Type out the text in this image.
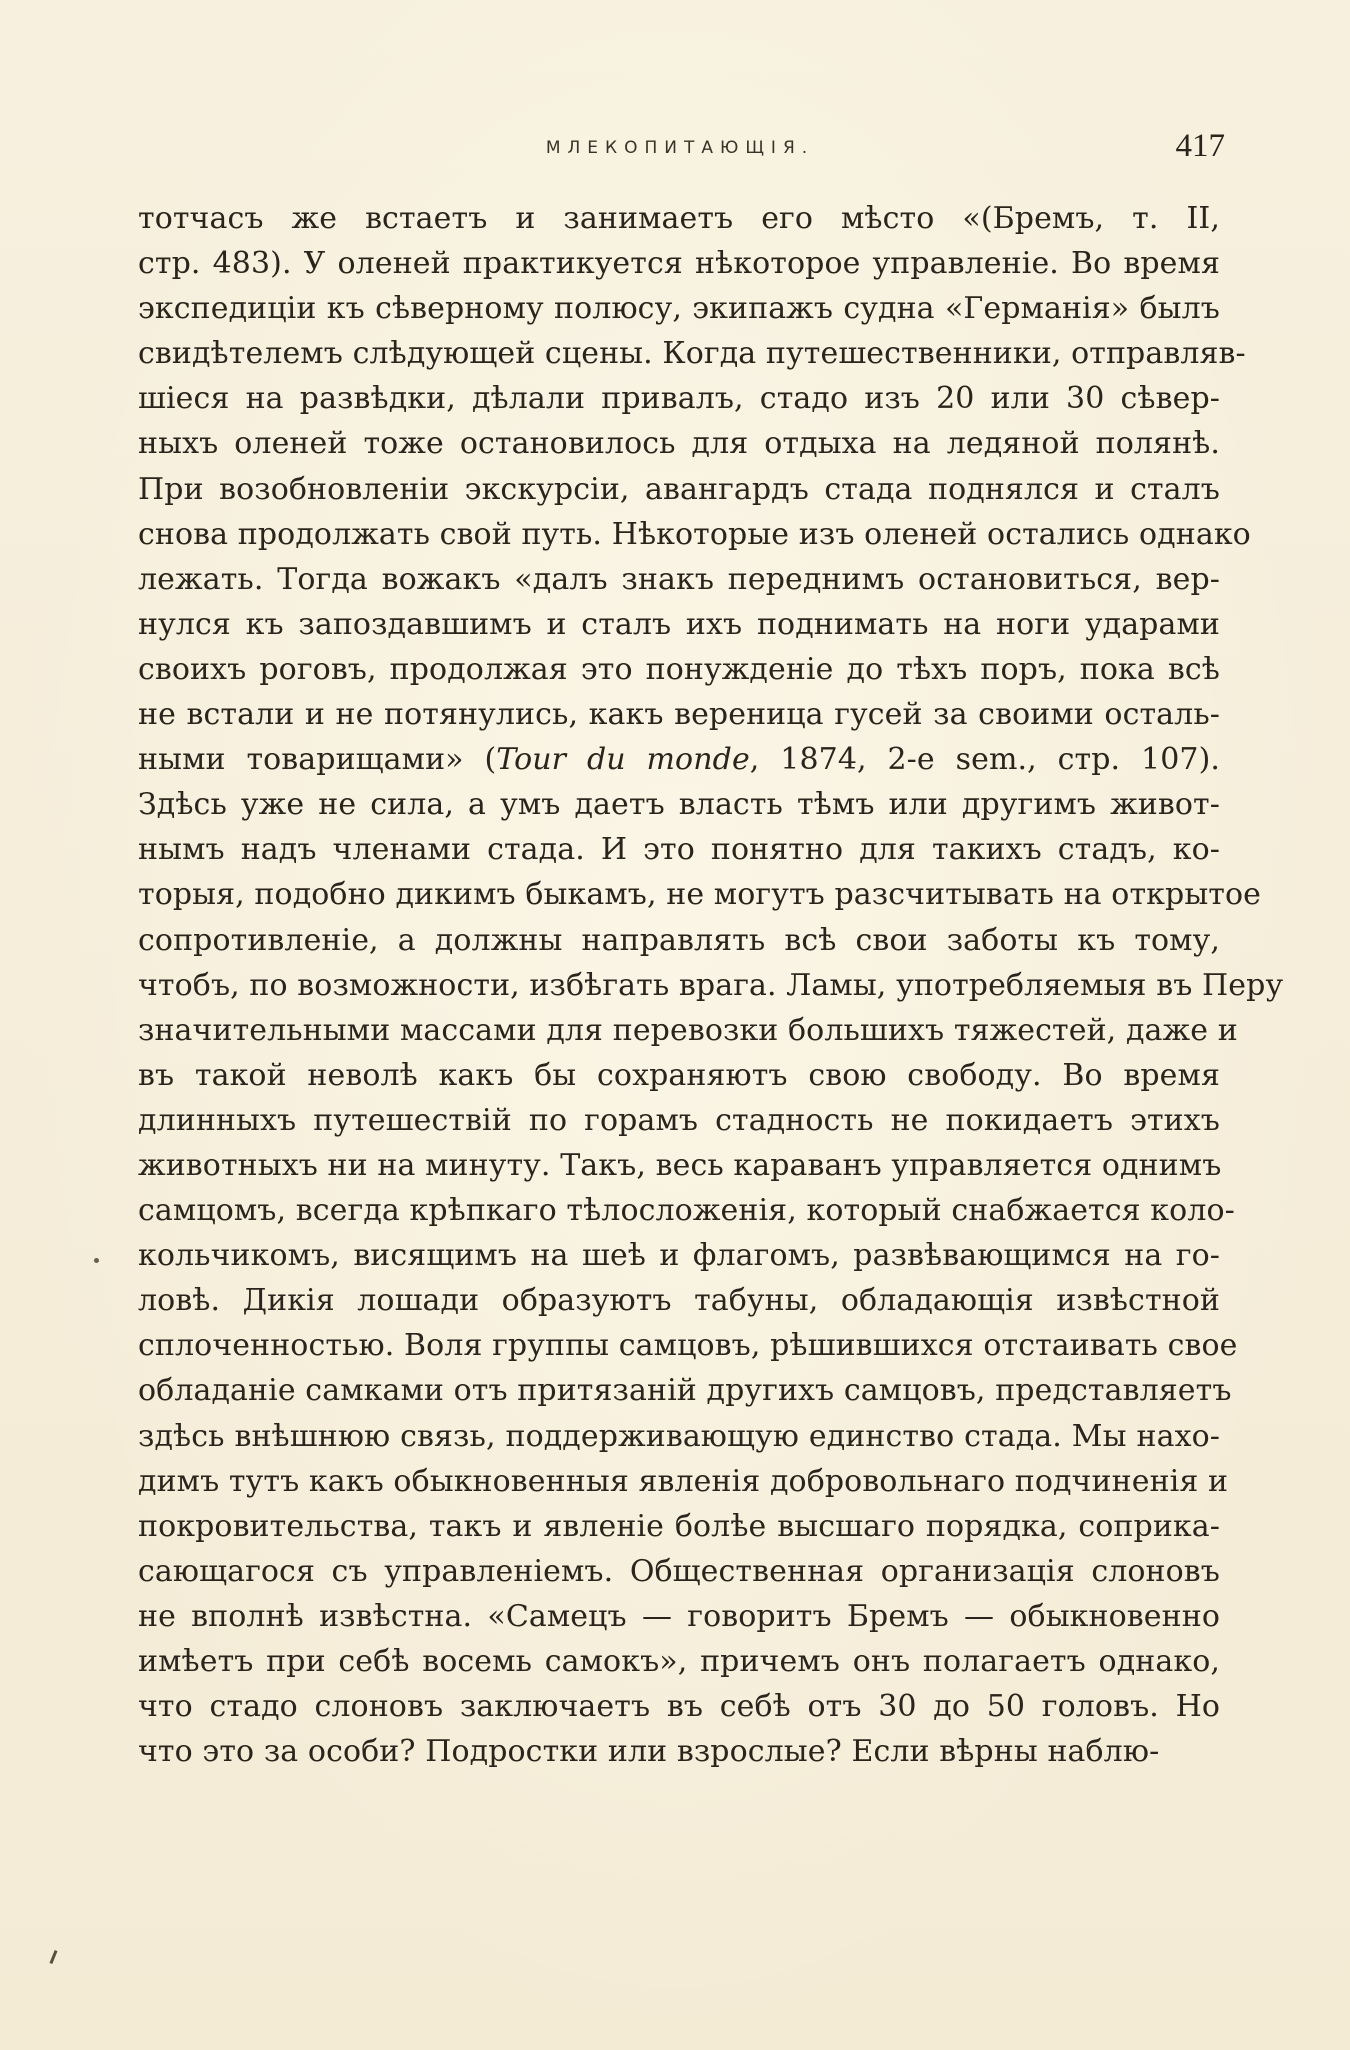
МЛЕКОПИТАЮЩІЯ.	417
тотчасъ же встаетъ и занимаетъ его мѣсто «(Бремъ, т. II,
стр. 483). У оленей практикуется нѣкоторое управленіе. Во время
экспедиціи къ сѣверному полюсу, экипажъ судна «Германія» былъ
свидѣтелемъ слѣдующей сцены. Когда путешественники, отправляв-
шіеся на развѣдки, дѣлали привалъ, стадо изъ 20 или 30 сѣвер-
ныхъ оленей тоже остановилось для отдыха на ледяной полянѣ.
При возобновленіи экскурсіи, авангардъ стада поднялся и сталъ
снова продолжать свой путь. Нѣкоторые изъ оленей остались однако
лежать. Тогда вожакъ «далъ знакъ переднимъ остановиться, вер-
нулся къ запоздавшимъ и сталъ ихъ поднимать на ноги ударами
своихъ роговъ, продолжая это понужденіе до тѣхъ поръ, пока всѣ
не встали и не потянулись, какъ вереница гусей за своими осталь-
ными товарищами» (Tour du monde, 1874, 2-e sem., стр. 107).
Здѣсь уже не сила, а умъ даетъ власть тѣмъ или другимъ живот-
нымъ надъ членами стада. И это понятно для такихъ стадъ, ко-
торыя, подобно дикимъ быкамъ, не могутъ разсчитывать на открытое
сопротивленіе, а должны направлять всѣ свои заботы къ тому,
чтобъ, по возможности, избѣгать врага. Ламы, употребляемыя въ Перу
значительными массами для перевозки большихъ тяжестей, даже и
въ такой неволѣ какъ бы сохраняютъ свою свободу. Во время
длинныхъ путешествій по горамъ стадность не покидаетъ этихъ
животныхъ ни на минуту. Такъ, весь караванъ управляется однимъ
самцомъ, всегда крѣпкаго тѣлосложенія, который снабжается коло-
кольчикомъ, висящимъ на шеѣ и флагомъ, развѣвающимся на го-
ловѣ. Дикія лошади образуютъ табуны, обладающія извѣстной
сплоченностью. Воля группы самцовъ, рѣшившихся отстаивать свое
обладаніе самками отъ притязаній другихъ самцовъ, представляетъ
здѣсь внѣшнюю связь, поддерживающую единство стада. Мы нахо-
димъ тутъ какъ обыкновенныя явленія добровольнаго подчиненія и
покровительства, такъ и явленіе болѣе высшаго порядка, соприка-
сающагося съ управленіемъ. Общественная организація слоновъ
не вполнѣ извѣстна. «Самецъ — говоритъ Бремъ — обыкновенно
имѣетъ при себѣ восемь самокъ», причемъ онъ полагаетъ однако,
что стадо слоновъ заключаетъ въ себѣ отъ 30 до 50 головъ. Но
что это за особи? Подростки или взрослые? Если вѣрны наблю-
